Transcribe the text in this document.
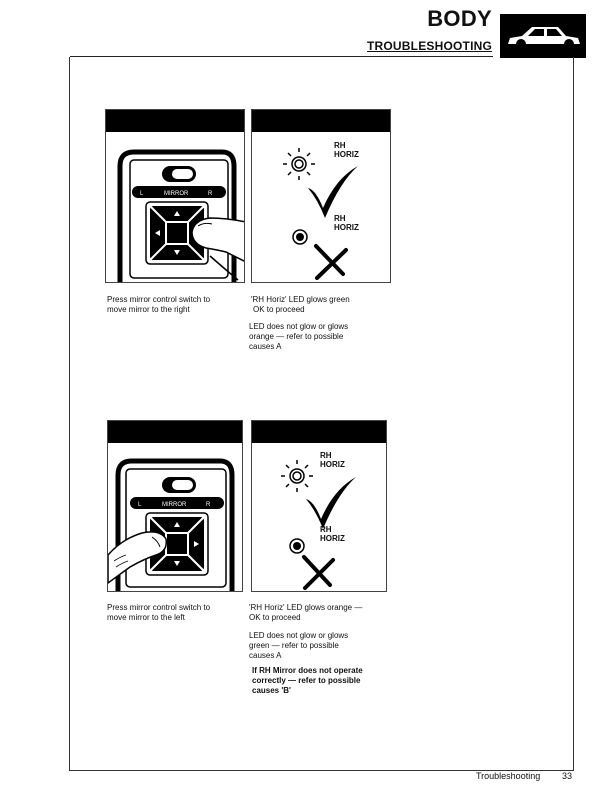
BODY
TROUBLESHOOTING
L	MIRROR	R
RH
HORIZ
RH
HORIZ
Press mirror control switch to
move mirror to the right
'RH Horiz' LED glows green
OK to proceed
LED does not glow or glows
orange — refer to possible
causes A
L	MIRROR	R
RH
HORIZ
RH
HORIZ
Press mirror control switch to
move mirror to the left
'RH Horiz' LED glows orange —
OK to proceed
LED does not glow or glows
green — refer to possible
causes A
If RH Mirror does not operate
correctly — refer to possible
causes 'B'
Troubleshooting 33
